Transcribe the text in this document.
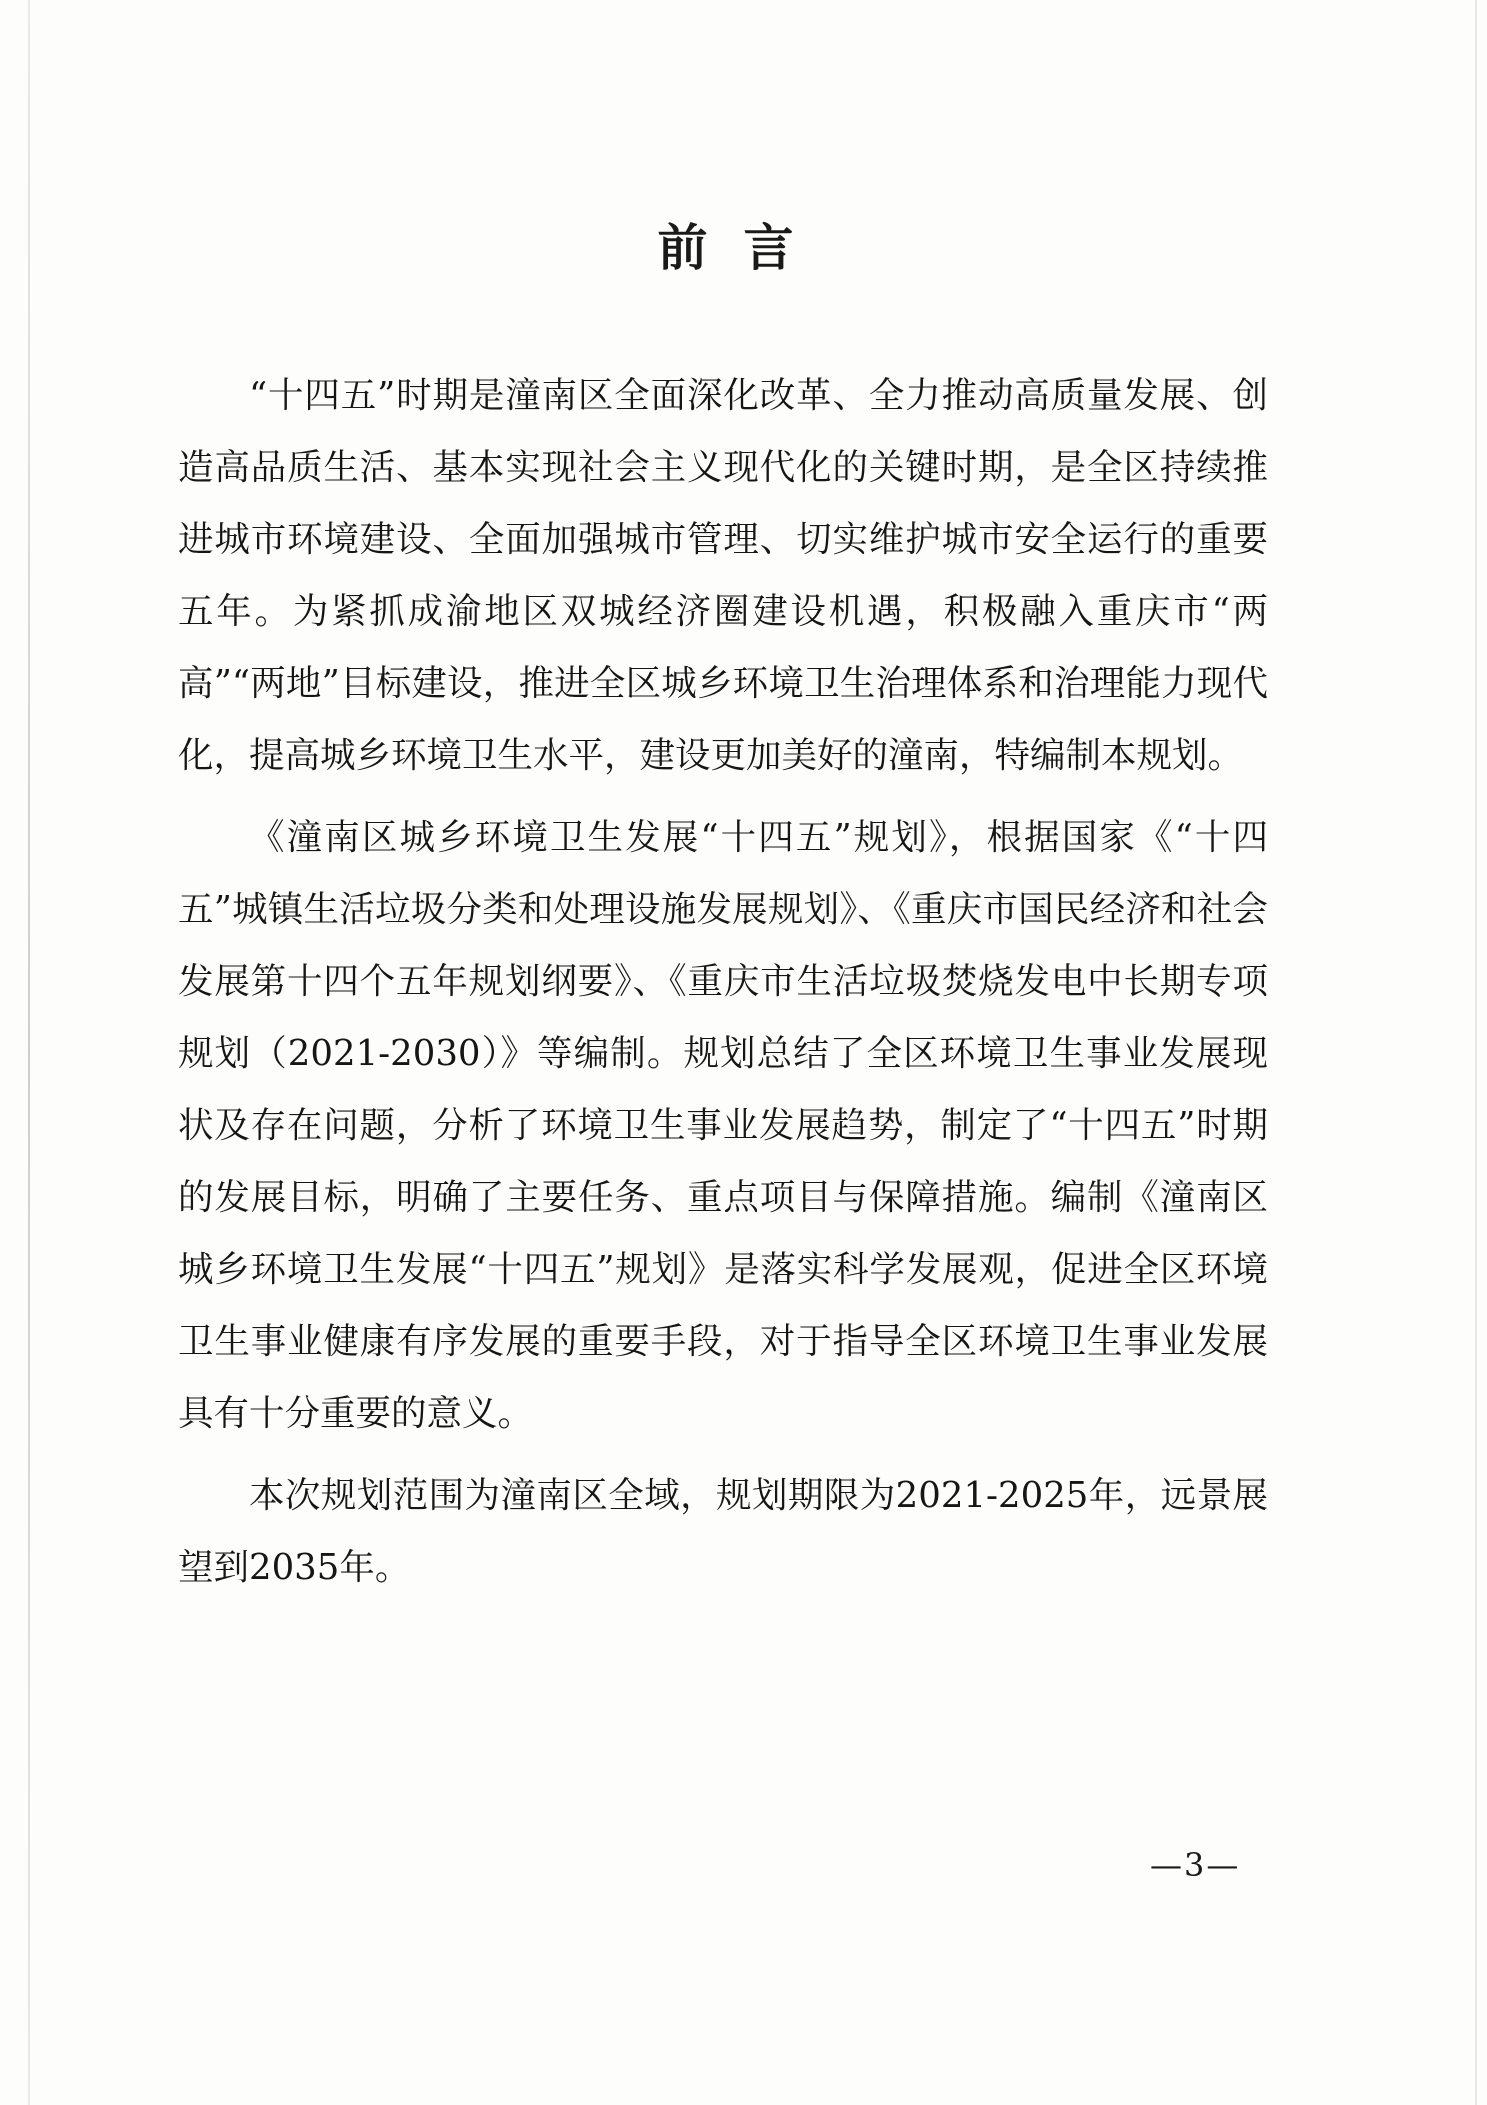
前言

“十四五”时期是潼南区全面深化改革、全力推动高质量发展、创造高品质生活、基本实现社会主义现代化的关键时期，是全区持续推进城市环境建设、全面加强城市管理、切实维护城市安全运行的重要五年。为紧抓成渝地区双城经济圈建设机遇，积极融入重庆市“两高”“两地”目标建设，推进全区城乡环境卫生治理体系和治理能力现代化，提高城乡环境卫生水平，建设更加美好的潼南，特编制本规划。

《潼南区城乡环境卫生发展“十四五”规划》，根据国家《“十四五”城镇生活垃圾分类和处理设施发展规划》、《重庆市国民经济和社会发展第十四个五年规划纲要》、《重庆市生活垃圾焚烧发电中长期专项规划（2021-2030）》等编制。规划总结了全区环境卫生事业发展现状及存在问题，分析了环境卫生事业发展趋势，制定了“十四五”时期的发展目标，明确了主要任务、重点项目与保障措施。编制《潼南区城乡环境卫生发展“十四五”规划》是落实科学发展观，促进全区环境卫生事业健康有序发展的重要手段，对于指导全区环境卫生事业发展具有十分重要的意义。

本次规划范围为潼南区全域，规划期限为2021-2025年，远景展望到2035年。

—3—
